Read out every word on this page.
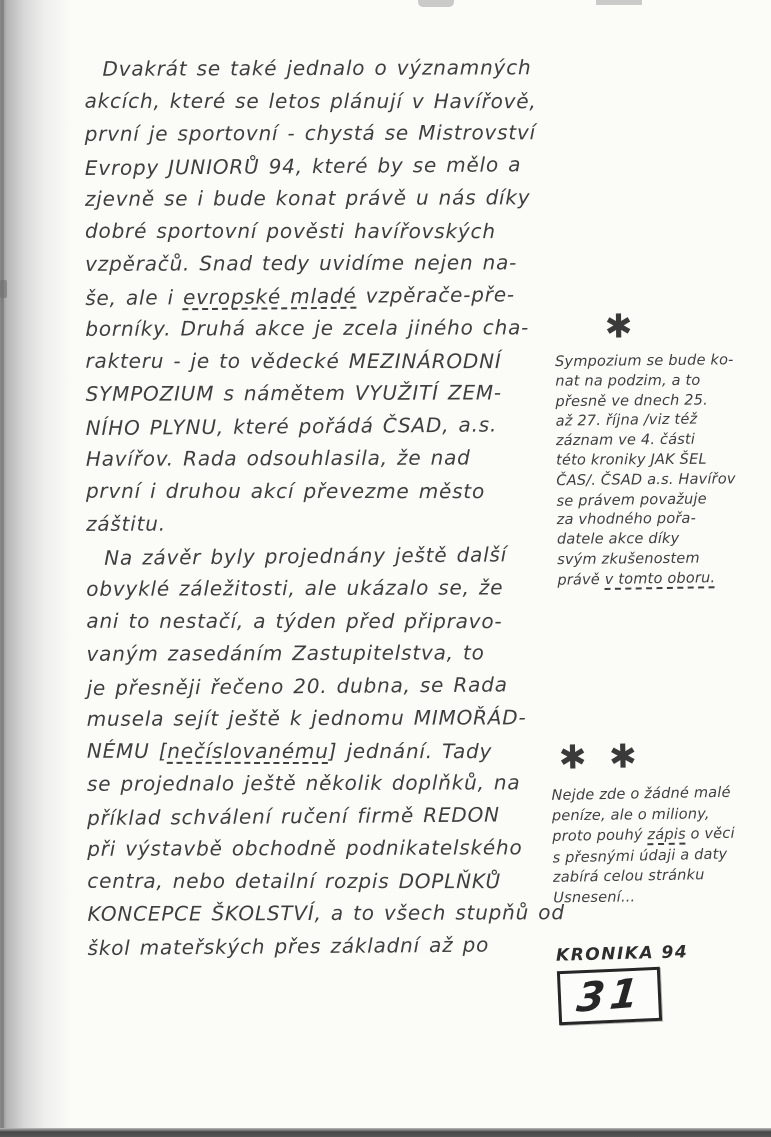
Dvakrát se také jednalo o významných
akcích, které se letos plánují v Havířově,
první je sportovní - chystá se Mistrovství
Evropy JUNIORŮ 94, které by se mělo a
zjevně se i bude konat právě u nás díky
dobré sportovní pověsti havířovských
vzpěračů. Snad tedy uvidíme nejen na-
še, ale i evropské mladé vzpěrače-pře-
borníky. Druhá akce je zcela jiného cha-
rakteru - je to vědecké MEZINÁRODNÍ
SYMPOZIUM s námětem VYUŽITÍ ZEM-
NÍHO PLYNU, které pořádá ČSAD, a.s.
Havířov. Rada odsouhlasila, že nad
první i druhou akcí převezme město
záštitu.
Na závěr byly projednány ještě další
obvyklé záležitosti, ale ukázalo se, že
ani to nestačí, a týden před připravo-
vaným zasedáním Zastupitelstva, to
je přesněji řečeno 20. dubna, se Rada
musela sejít ještě k jednomu MIMOŘÁD-
NÉMU [nečíslovanému] jednání. Tady
se projednalo ještě několik doplňků, na
příklad schválení ručení firmě REDON
při výstavbě obchodně podnikatelského
centra, nebo detailní rozpis DOPLŇKŮ
KONCEPCE ŠKOLSTVÍ, a to všech stupňů od
škol mateřských přes základní až po
✱
Sympozium se bude ko-
nat na podzim, a to
přesně ve dnech 25.
až 27. října /viz též
záznam ve 4. části
této kroniky JAK ŠEL
ČAS/. ČSAD a.s. Havířov
se právem považuje
za vhodného pořa-
datele akce díky
svým zkušenostem
právě v tomto oboru.
✱ ✱
Nejde zde o žádné malé
peníze, ale o miliony,
proto pouhý zápis o věci
s přesnými údaji a daty
zabírá celou stránku
Usnesení...
KRONIKA 94
31
